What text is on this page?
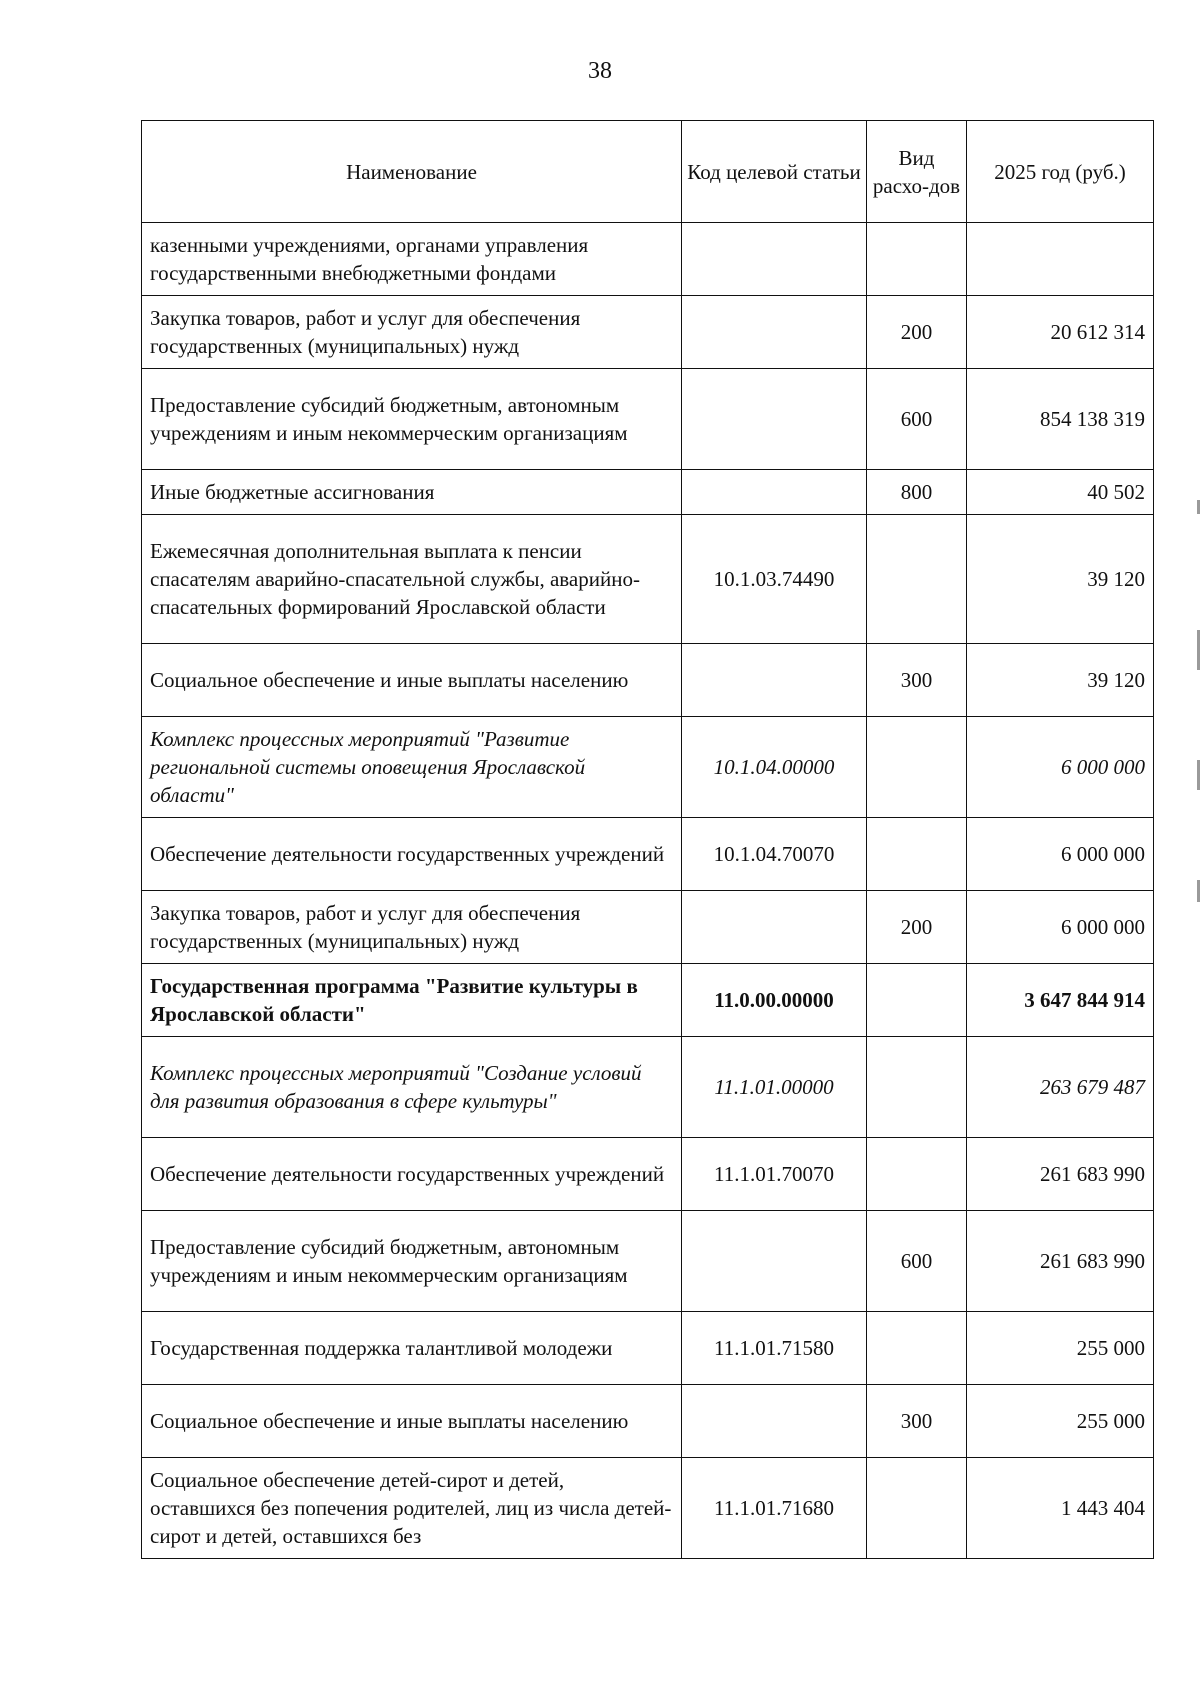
38
Наименование	Код целевой статьи	Вид расхо-дов	2025 год (руб.)
казенными учреждениями, органами управления государственными внебюджетными фондами			
Закупка товаров, работ и услуг для обеспечения государственных (муниципальных) нужд		200	20 612 314
Предоставление субсидий бюджетным, автономным учреждениям и иным некоммерческим организациям		600	854 138 319
Иные бюджетные ассигнования		800	40 502
Ежемесячная дополнительная выплата к пенсии спасателям аварийно-спасательной службы, аварийно-спасательных формирований Ярославской области	10.1.03.74490		39 120
Социальное обеспечение и иные выплаты населению		300	39 120
Комплекс процессных мероприятий "Развитие региональной системы оповещения Ярославской области"	10.1.04.00000		6 000 000
Обеспечение деятельности государственных учреждений	10.1.04.70070		6 000 000
Закупка товаров, работ и услуг для обеспечения государственных (муниципальных) нужд		200	6 000 000
Государственная программа "Развитие культуры в Ярославской области"	11.0.00.00000		3 647 844 914
Комплекс процессных мероприятий "Создание условий для развития образования в сфере культуры"	11.1.01.00000		263 679 487
Обеспечение деятельности государственных учреждений	11.1.01.70070		261 683 990
Предоставление субсидий бюджетным, автономным учреждениям и иным некоммерческим организациям		600	261 683 990
Государственная поддержка талантливой молодежи	11.1.01.71580		255 000
Социальное обеспечение и иные выплаты населению		300	255 000
Социальное обеспечение детей-сирот и детей, оставшихся без попечения родителей, лиц из числа детей-сирот и детей, оставшихся без	11.1.01.71680		1 443 404
